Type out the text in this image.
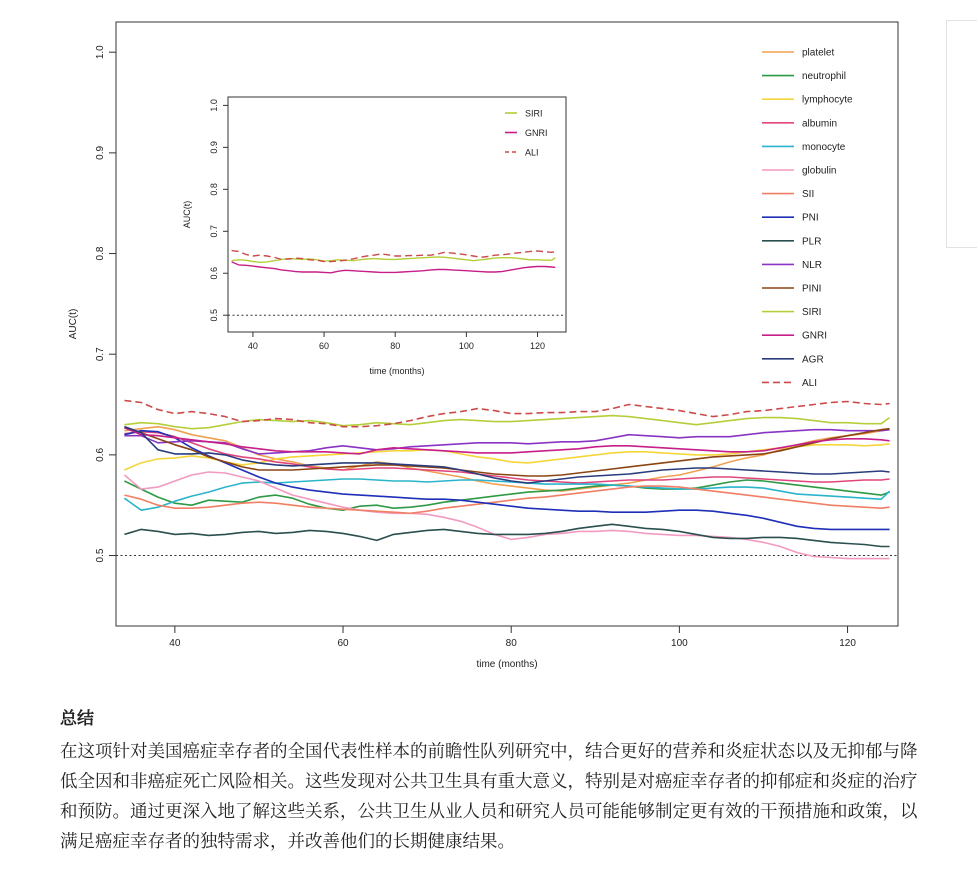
40	60	80	100	120
0.5
0.6
0.7
0.8
0.9
1.0
time (months)
AUC(t)
platelet
neutrophil
lymphocyte
albumin
monocyte
globulin
SII
PNI
PLR
NLR
PINI
SIRI
GNRI
AGR
ALI
40	60	80	100	120
0.5
0.6
0.7
0.8
0.9
1.0
time (months)
AUC(t)
SIRI
GNRI
ALI
总结

在这项针对美国癌症幸存者的全国代表性样本的前瞻性队列研究中，结合更好的营养和炎症状态以及无抑郁与降低全因和非癌症死亡风险相关。这些发现对公共卫生具有重大意义，特别是对癌症幸存者的抑郁症和炎症的治疗和预防。通过更深入地了解这些关系，公共卫生从业人员和研究人员可能能够制定更有效的干预措施和政策，以满足癌症幸存者的独特需求，并改善他们的长期健康结果。
